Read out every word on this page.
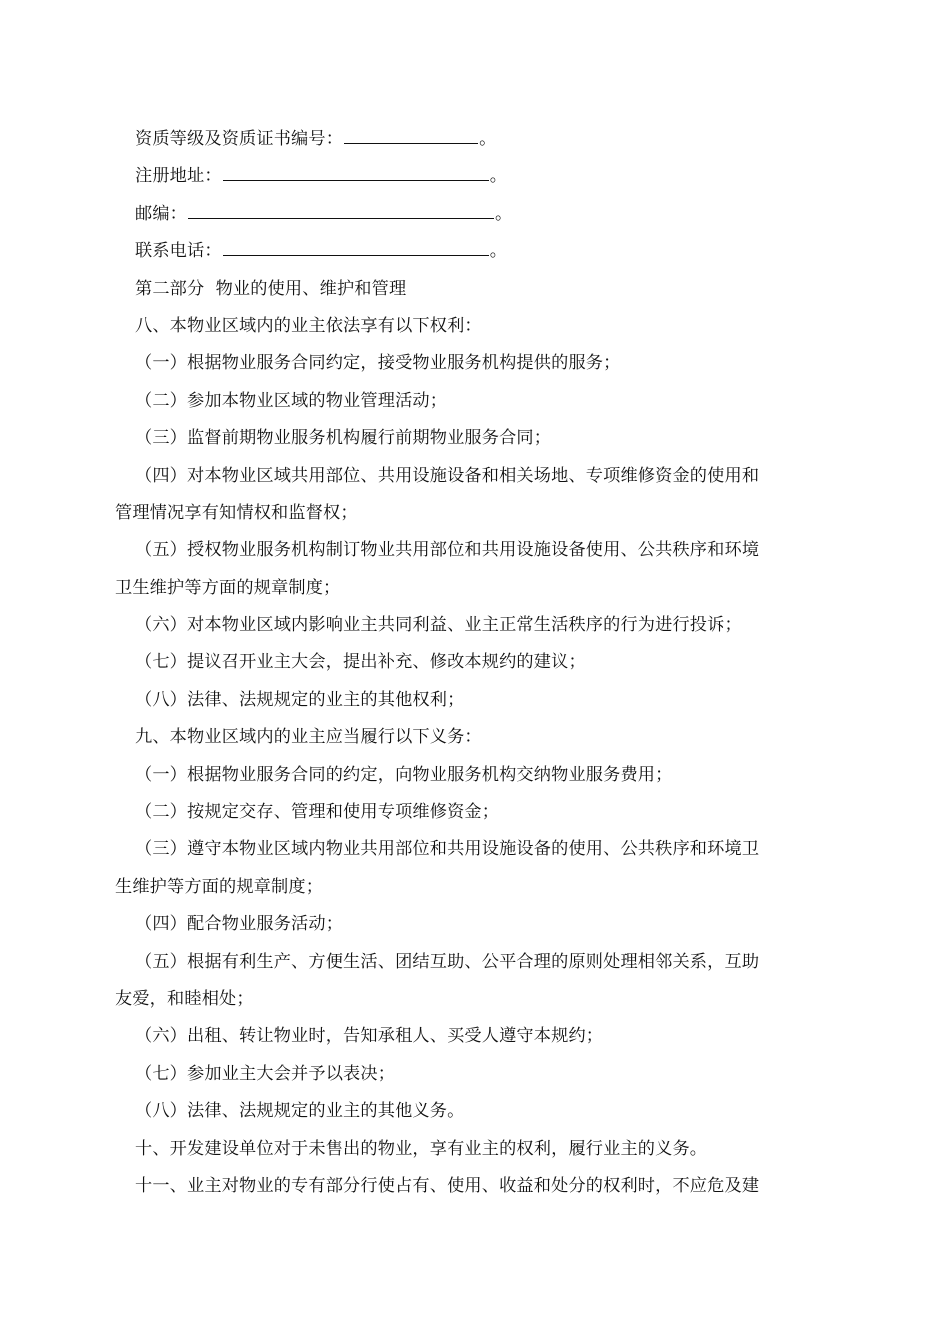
资质等级及资质证书编号：	。
注册地址：	。
邮编：	。
联系电话：	。
第二部分  物业的使用、维护和管理
八、本物业区域内的业主依法享有以下权利：
（一）根据物业服务合同约定，接受物业服务机构提供的服务；
（二）参加本物业区域的物业管理活动；
（三）监督前期物业服务机构履行前期物业服务合同；
（四）对本物业区域共用部位、共用设施设备和相关场地、专项维修资金的使用和
管理情况享有知情权和监督权；
（五）授权物业服务机构制订物业共用部位和共用设施设备使用、公共秩序和环境
卫生维护等方面的规章制度；
（六）对本物业区域内影响业主共同利益、业主正常生活秩序的行为进行投诉；
（七）提议召开业主大会，提出补充、修改本规约的建议；
（八）法律、法规规定的业主的其他权利；
九、本物业区域内的业主应当履行以下义务：
（一）根据物业服务合同的约定，向物业服务机构交纳物业服务费用；
（二）按规定交存、管理和使用专项维修资金；
（三）遵守本物业区域内物业共用部位和共用设施设备的使用、公共秩序和环境卫
生维护等方面的规章制度；
（四）配合物业服务活动；
（五）根据有利生产、方便生活、团结互助、公平合理的原则处理相邻关系，互助
友爱，和睦相处；
（六）出租、转让物业时，告知承租人、买受人遵守本规约；
（七）参加业主大会并予以表决；
（八）法律、法规规定的业主的其他义务。
十、开发建设单位对于未售出的物业，享有业主的权利，履行业主的义务。
十一、业主对物业的专有部分行使占有、使用、收益和处分的权利时，不应危及建
